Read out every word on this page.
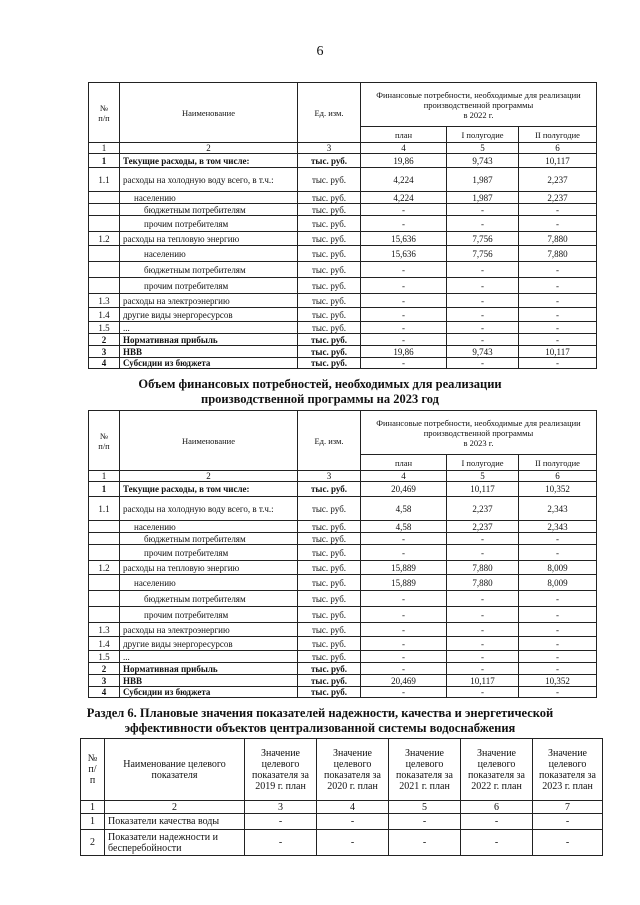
6
№
п/п	Наименование	Ед. изм.	Финансовые потребности, необходимые для реализации производственной программы
в 2022 г.		
			план	I полугодие	II полугодие
1	2	3	4	5	6
1	Текущие расходы, в том числе:	тыс. руб.	19,86	9,743	10,117
1.1	расходы на холодную воду всего, в т.ч.:	тыс. руб.	4,224	1,987	2,237
	населению	тыс. руб.	4,224	1,987	2,237
	бюджетным потребителям	тыс. руб.	-	-	-
	прочим потребителям	тыс. руб.	-	-	-
1.2	расходы на тепловую энергию	тыс. руб.	15,636	7,756	7,880
	населению	тыс. руб.	15,636	7,756	7,880
	бюджетным потребителям	тыс. руб.	-	-	-
	прочим потребителям	тыс. руб.	-	-	-
1.3	расходы на электроэнергию	тыс. руб.	-	-	-
1.4	другие виды энергоресурсов	тыс. руб.	-	-	-
1.5	...	тыс. руб.	-	-	-
2	Нормативная прибыль	тыс. руб.	-	-	-
3	НВВ	тыс. руб.	19,86	9,743	10,117
4	Субсидии из бюджета	тыс. руб.	-	-	-
Объем финансовых потребностей, необходимых для реализации производственной программы на 2023 год
№
п/п	Наименование	Ед. изм.	Финансовые потребности, необходимые для реализации производственной программы
в 2023 г.		
			план	I полугодие	II полугодие
1	2	3	4	5	6
1	Текущие расходы, в том числе:	тыс. руб.	20,469	10,117	10,352
1.1	расходы на холодную воду всего, в т.ч.:	тыс. руб.	4,58	2,237	2,343
	населению	тыс. руб.	4,58	2,237	2,343
	бюджетным потребителям	тыс. руб.	-	-	-
	прочим потребителям	тыс. руб.	-	-	-
1.2	расходы на тепловую энергию	тыс. руб.	15,889	7,880	8,009
	населению	тыс. руб.	15,889	7,880	8,009
	бюджетным потребителям	тыс. руб.	-	-	-
	прочим потребителям	тыс. руб.	-	-	-
1.3	расходы на электроэнергию	тыс. руб.	-	-	-
1.4	другие виды энергоресурсов	тыс. руб.	-	-	-
1.5	...	тыс. руб.	-	-	-
2	Нормативная прибыль	тыс. руб.	-	-	-
3	НВВ	тыс. руб.	20,469	10,117	10,352
4	Субсидии из бюджета	тыс. руб.	-	-	-
Раздел 6. Плановые значения показателей надежности, качества и энергетической эффективности объектов централизованной системы водоснабжения
№
п/
п	Наименование целевого показателя	Значение целевого показателя за 2019 г. план	Значение целевого показателя за 2020 г. план	Значение целевого показателя за 2021 г. план	Значение целевого показателя за 2022 г. план	Значение целевого показателя за 2023 г. план
1	2	3	4	5	6	7
1	Показатели качества воды	-	-	-	-	-
2	Показатели надежности и бесперебойности	-	-	-	-	-
